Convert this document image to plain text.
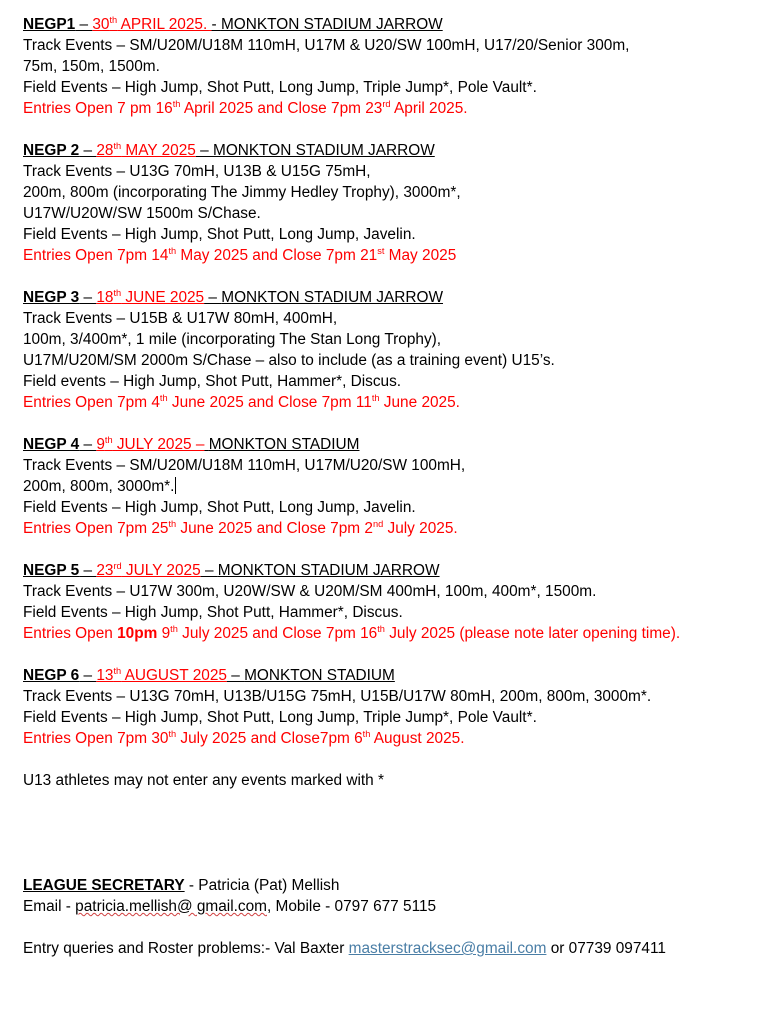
NEGP1 – 30th APRIL 2025. - MONKTON STADIUM JARROW
Track Events – SM/U20M/U18M 110mH, U17M & U20/SW 100mH, U17/20/Senior 300m,
75m, 150m, 1500m.
Field Events – High Jump, Shot Putt, Long Jump, Triple Jump*, Pole Vault*.
Entries Open 7 pm 16th April 2025 and Close 7pm 23rd April 2025.
NEGP 2 – 28th MAY 2025 – MONKTON STADIUM JARROW
Track Events – U13G 70mH, U13B & U15G 75mH,
200m, 800m (incorporating The Jimmy Hedley Trophy), 3000m*,
U17W/U20W/SW 1500m S/Chase.
Field Events – High Jump, Shot Putt, Long Jump, Javelin.
Entries Open 7pm 14th May 2025 and Close 7pm 21st May 2025
NEGP 3 – 18th JUNE 2025 – MONKTON STADIUM JARROW
Track Events – U15B & U17W 80mH, 400mH,
100m, 3/400m*, 1 mile (incorporating The Stan Long Trophy),
U17M/U20M/SM 2000m S/Chase – also to include (as a training event) U15’s.
Field events – High Jump, Shot Putt, Hammer*, Discus.
Entries Open 7pm 4th June 2025 and Close 7pm 11th June 2025.
NEGP 4 – 9th JULY 2025 – MONKTON STADIUM
Track Events – SM/U20M/U18M 110mH, U17M/U20/SW 100mH,
200m, 800m, 3000m*.
Field Events – High Jump, Shot Putt, Long Jump, Javelin.
Entries Open 7pm 25th June 2025 and Close 7pm 2nd July 2025.
NEGP 5 – 23rd JULY 2025 – MONKTON STADIUM JARROW
Track Events – U17W 300m, U20W/SW & U20M/SM 400mH, 100m, 400m*, 1500m.
Field Events – High Jump, Shot Putt, Hammer*, Discus.
Entries Open 10pm 9th July 2025 and Close 7pm 16th July 2025 (please note later opening time).
NEGP 6 – 13th AUGUST 2025 – MONKTON STADIUM
Track Events – U13G 70mH, U13B/U15G 75mH, U15B/U17W 80mH, 200m, 800m, 3000m*.
Field Events – High Jump, Shot Putt, Long Jump, Triple Jump*, Pole Vault*.
Entries Open 7pm 30th July 2025 and Close7pm 6th August 2025.
U13 athletes may not enter any events marked with *
LEAGUE SECRETARY - Patricia (Pat) Mellish
Email - patricia.mellish@ gmail.com, Mobile - 0797 677 5115
Entry queries and Roster problems:- Val Baxter masterstracksec@gmail.com or 07739 097411
